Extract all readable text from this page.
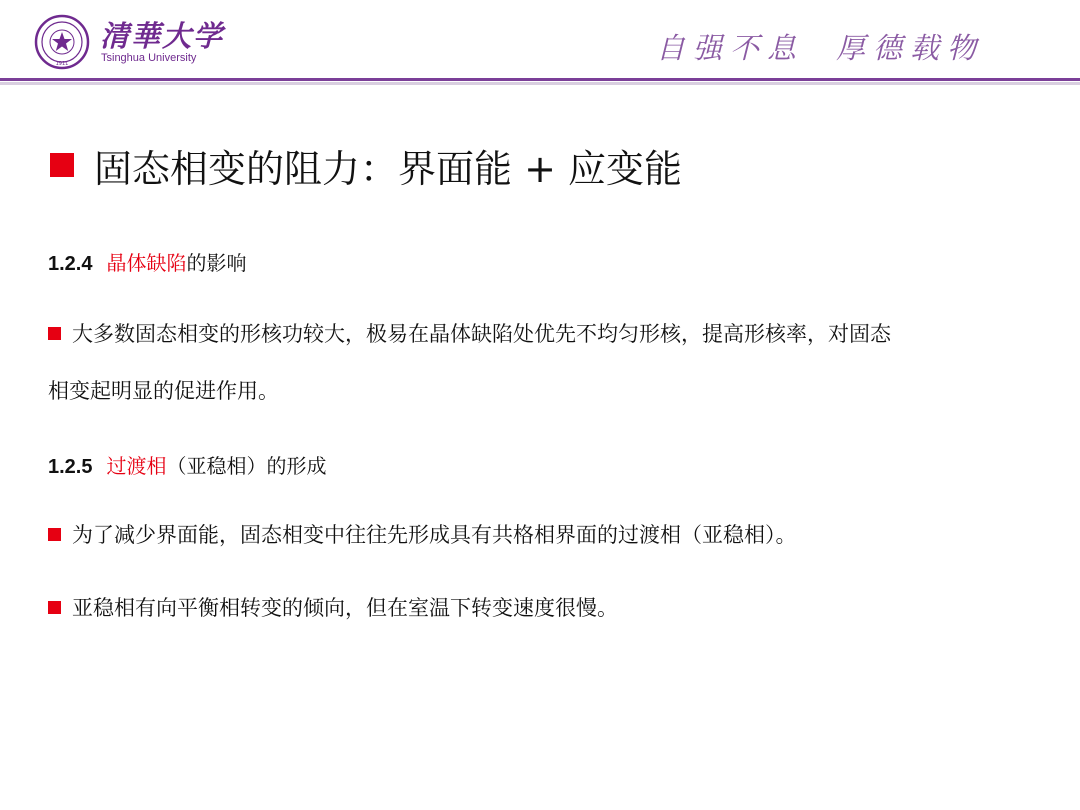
1911
清華大学
Tsinghua University	自强不息 厚德载物
固态相变的阻力：界面能 + 应变能
1.2.4 晶体缺陷 的影响
大多数固态相变的形核功较大，极易在晶体缺陷处优先不均匀形核，提高形核率，对固态
相变起明显的促进作用。
1.2.5 过渡相 （亚稳相）的形成
为了减少界面能，固态相变中往往先形成具有共格相界面的过渡相（亚稳相）。
亚稳相有向平衡相转变的倾向，但在室温下转变速度很慢。
